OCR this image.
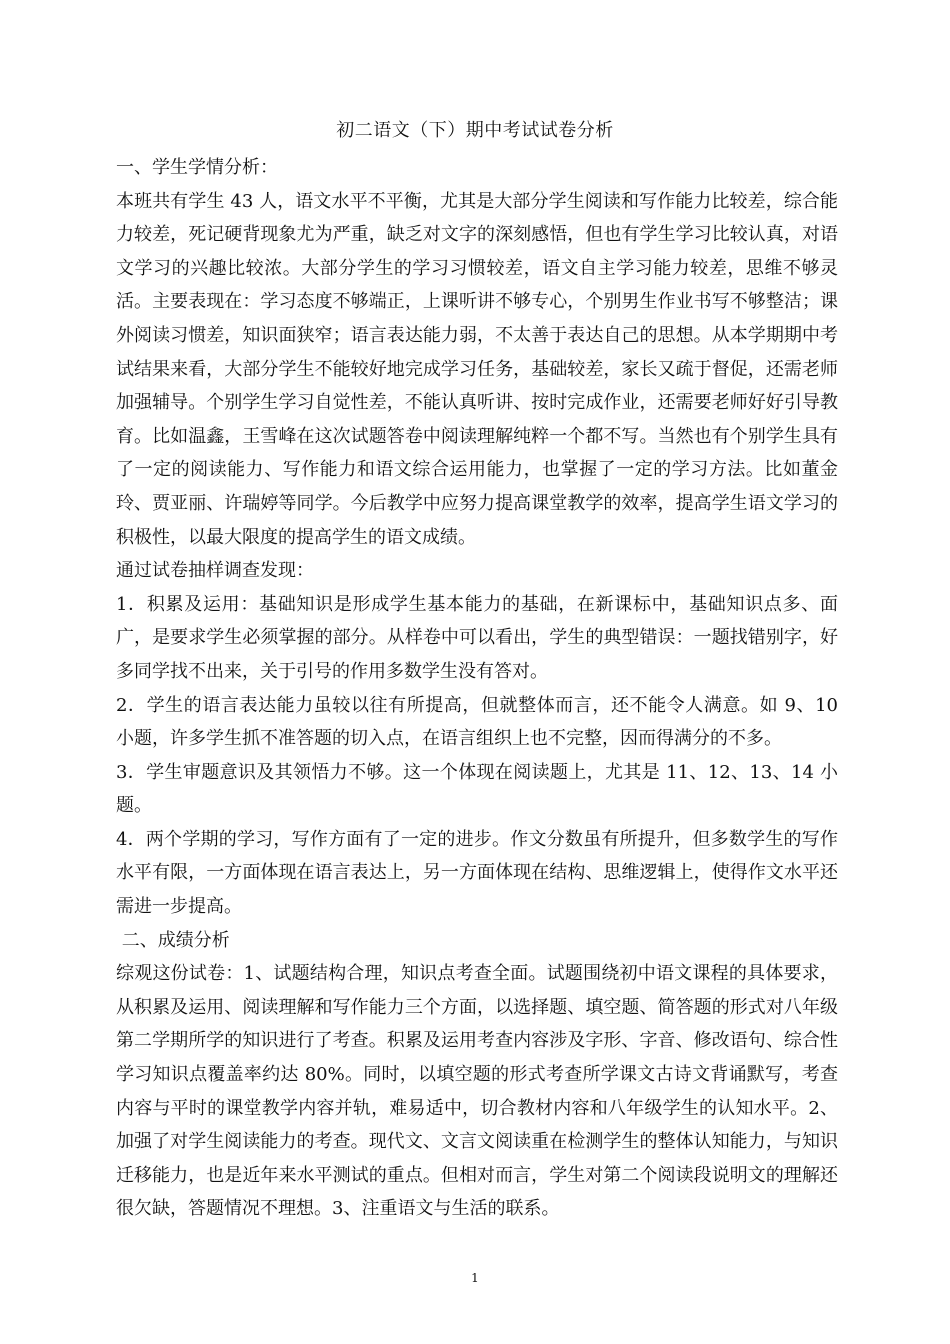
初二语文（下）期中考试试卷分析

一、学生学情分析：

本班共有学生 43 人，语文水平不平衡，尤其是大部分学生阅读和写作能力比较差，综合能力较差，死记硬背现象尤为严重，缺乏对文字的深刻感悟，但也有学生学习比较认真，对语文学习的兴趣比较浓。大部分学生的学习习惯较差，语文自主学习能力较差，思维不够灵活。主要表现在：学习态度不够端正，上课听讲不够专心，个别男生作业书写不够整洁；课外阅读习惯差，知识面狭窄；语言表达能力弱，不太善于表达自己的思想。从本学期期中考试结果来看，大部分学生不能较好地完成学习任务，基础较差，家长又疏于督促，还需老师加强辅导。个别学生学习自觉性差，不能认真听讲、按时完成作业，还需要老师好好引导教育。比如温鑫，王雪峰在这次试题答卷中阅读理解纯粹一个都不写。当然也有个别学生具有了一定的阅读能力、写作能力和语文综合运用能力，也掌握了一定的学习方法。比如董金玲、贾亚丽、许瑞婷等同学。今后教学中应努力提高课堂教学的效率，提高学生语文学习的积极性，以最大限度的提高学生的语文成绩。

通过试卷抽样调查发现：

1．积累及运用：基础知识是形成学生基本能力的基础，在新课标中，基础知识点多、面广，是要求学生必须掌握的部分。从样卷中可以看出，学生的典型错误：一题找错别字，好多同学找不出来，关于引号的作用多数学生没有答对。

2．学生的语言表达能力虽较以往有所提高，但就整体而言，还不能令人满意。如 9、10 小题，许多学生抓不准答题的切入点，在语言组织上也不完整，因而得满分的不多。

3．学生审题意识及其领悟力不够。这一个体现在阅读题上，尤其是 11、12、13、14 小题。

4．两个学期的学习，写作方面有了一定的进步。作文分数虽有所提升，但多数学生的写作水平有限，一方面体现在语言表达上，另一方面体现在结构、思维逻辑上，使得作文水平还需进一步提高。

二、成绩分析

综观这份试卷：1、试题结构合理，知识点考查全面。试题围绕初中语文课程的具体要求，从积累及运用、阅读理解和写作能力三个方面，以选择题、填空题、简答题的形式对八年级第二学期所学的知识进行了考查。积累及运用考查内容涉及字形、字音、修改语句、综合性学习知识点覆盖率约达 80%。同时，以填空题的形式考查所学课文古诗文背诵默写，考查内容与平时的课堂教学内容并轨，难易适中，切合教材内容和八年级学生的认知水平。2、加强了对学生阅读能力的考查。现代文、文言文阅读重在检测学生的整体认知能力，与知识迁移能力，也是近年来水平测试的重点。但相对而言，学生对第二个阅读段说明文的理解还很欠缺，答题情况不理想。3、注重语文与生活的联系。

1
